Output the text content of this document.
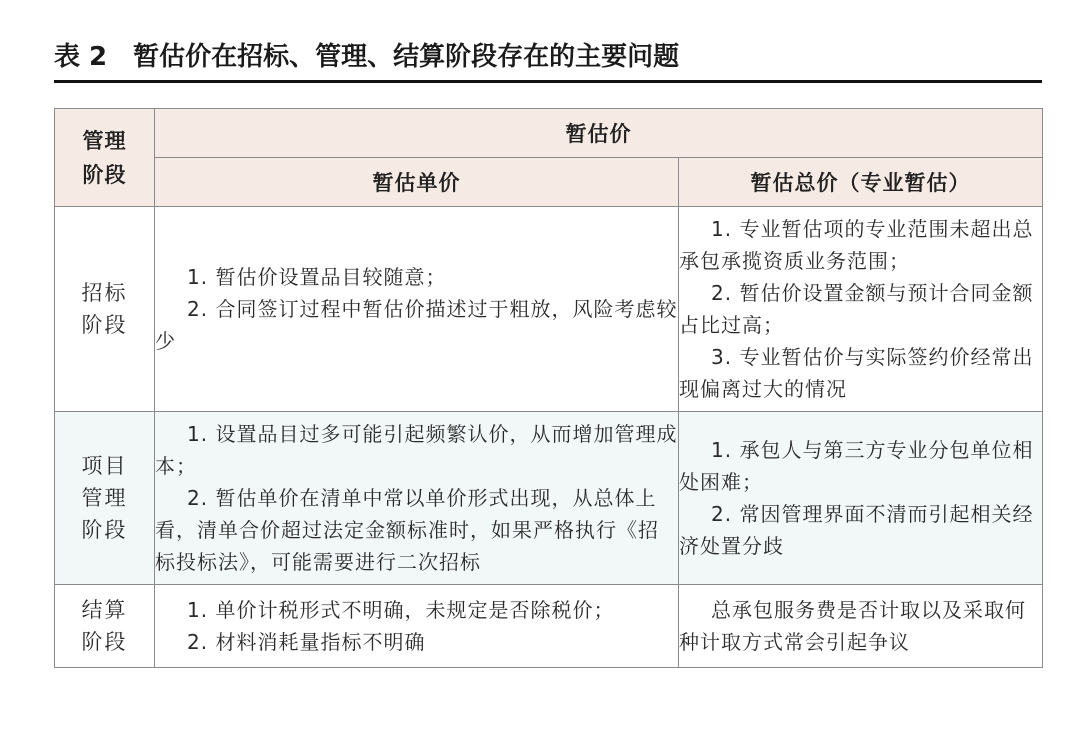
表 2 暂估价在招标、管理、结算阶段存在的主要问题
管理
阶段	暂估价	
	暂估单价	暂估总价（专业暂估）
招标
阶段	1. 暂估价设置品目较随意；
2. 合同签订过程中暂估价描述过于粗放，风险考虑较少	1. 专业暂估项的专业范围未超出总承包承揽资质业务范围；
2. 暂估价设置金额与预计合同金额占比过高；
3. 专业暂估价与实际签约价经常出现偏离过大的情况

项目
管理
阶段	1. 设置品目过多可能引起频繁认价，从而增加管理成本；
2. 暂估单价在清单中常以单价形式出现，从总体上看，清单合价超过法定金额标准时，如果严格执行《招标投标法》，可能需要进行二次招标	1. 承包人与第三方专业分包单位相处困难；
2. 常因管理界面不清而引起相关经济处置分歧

结算
阶段	1. 单价计税形式不明确，未规定是否除税价；
2. 材料消耗量指标不明确	总承包服务费是否计取以及采取何种计取方式常会引起争议
